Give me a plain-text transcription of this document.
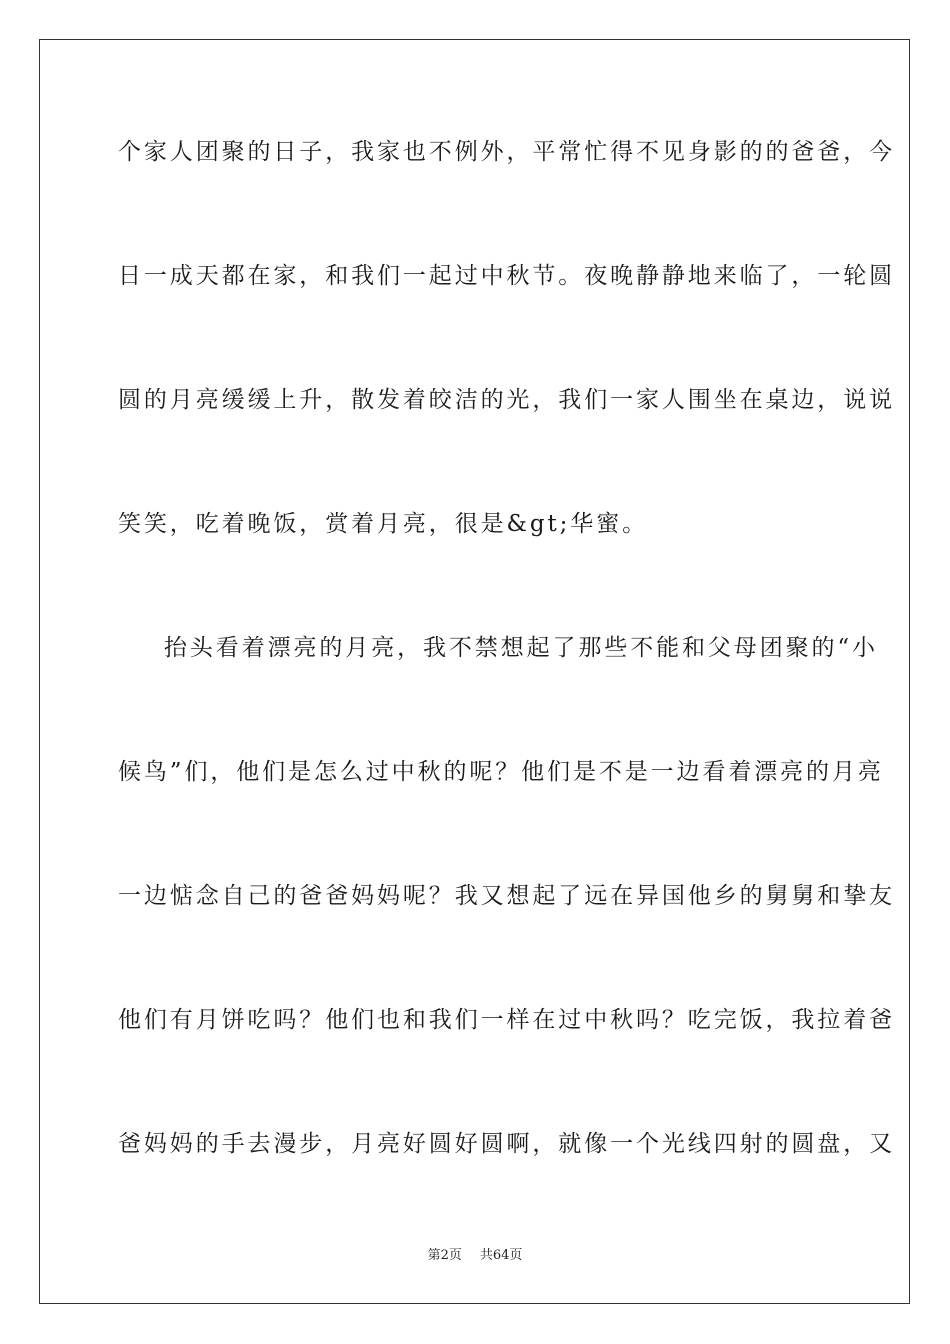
个家人团聚的日子，我家也不例外，平常忙得不见身影的的爸爸，今
日一成天都在家，和我们一起过中秋节。夜晚静静地来临了，一轮圆
圆的月亮缓缓上升，散发着皎洁的光，我们一家人围坐在桌边，说说
笑笑，吃着晚饭，赏着月亮，很是&gt;华蜜。
抬头看着漂亮的月亮，我不禁想起了那些不能和父母团聚的“小
候鸟”们，他们是怎么过中秋的呢？他们是不是一边看着漂亮的月亮
一边惦念自己的爸爸妈妈呢？我又想起了远在异国他乡的舅舅和挚友
他们有月饼吃吗？他们也和我们一样在过中秋吗？吃完饭，我拉着爸
爸妈妈的手去漫步，月亮好圆好圆啊，就像一个光线四射的圆盘，又
第2页 共64页
